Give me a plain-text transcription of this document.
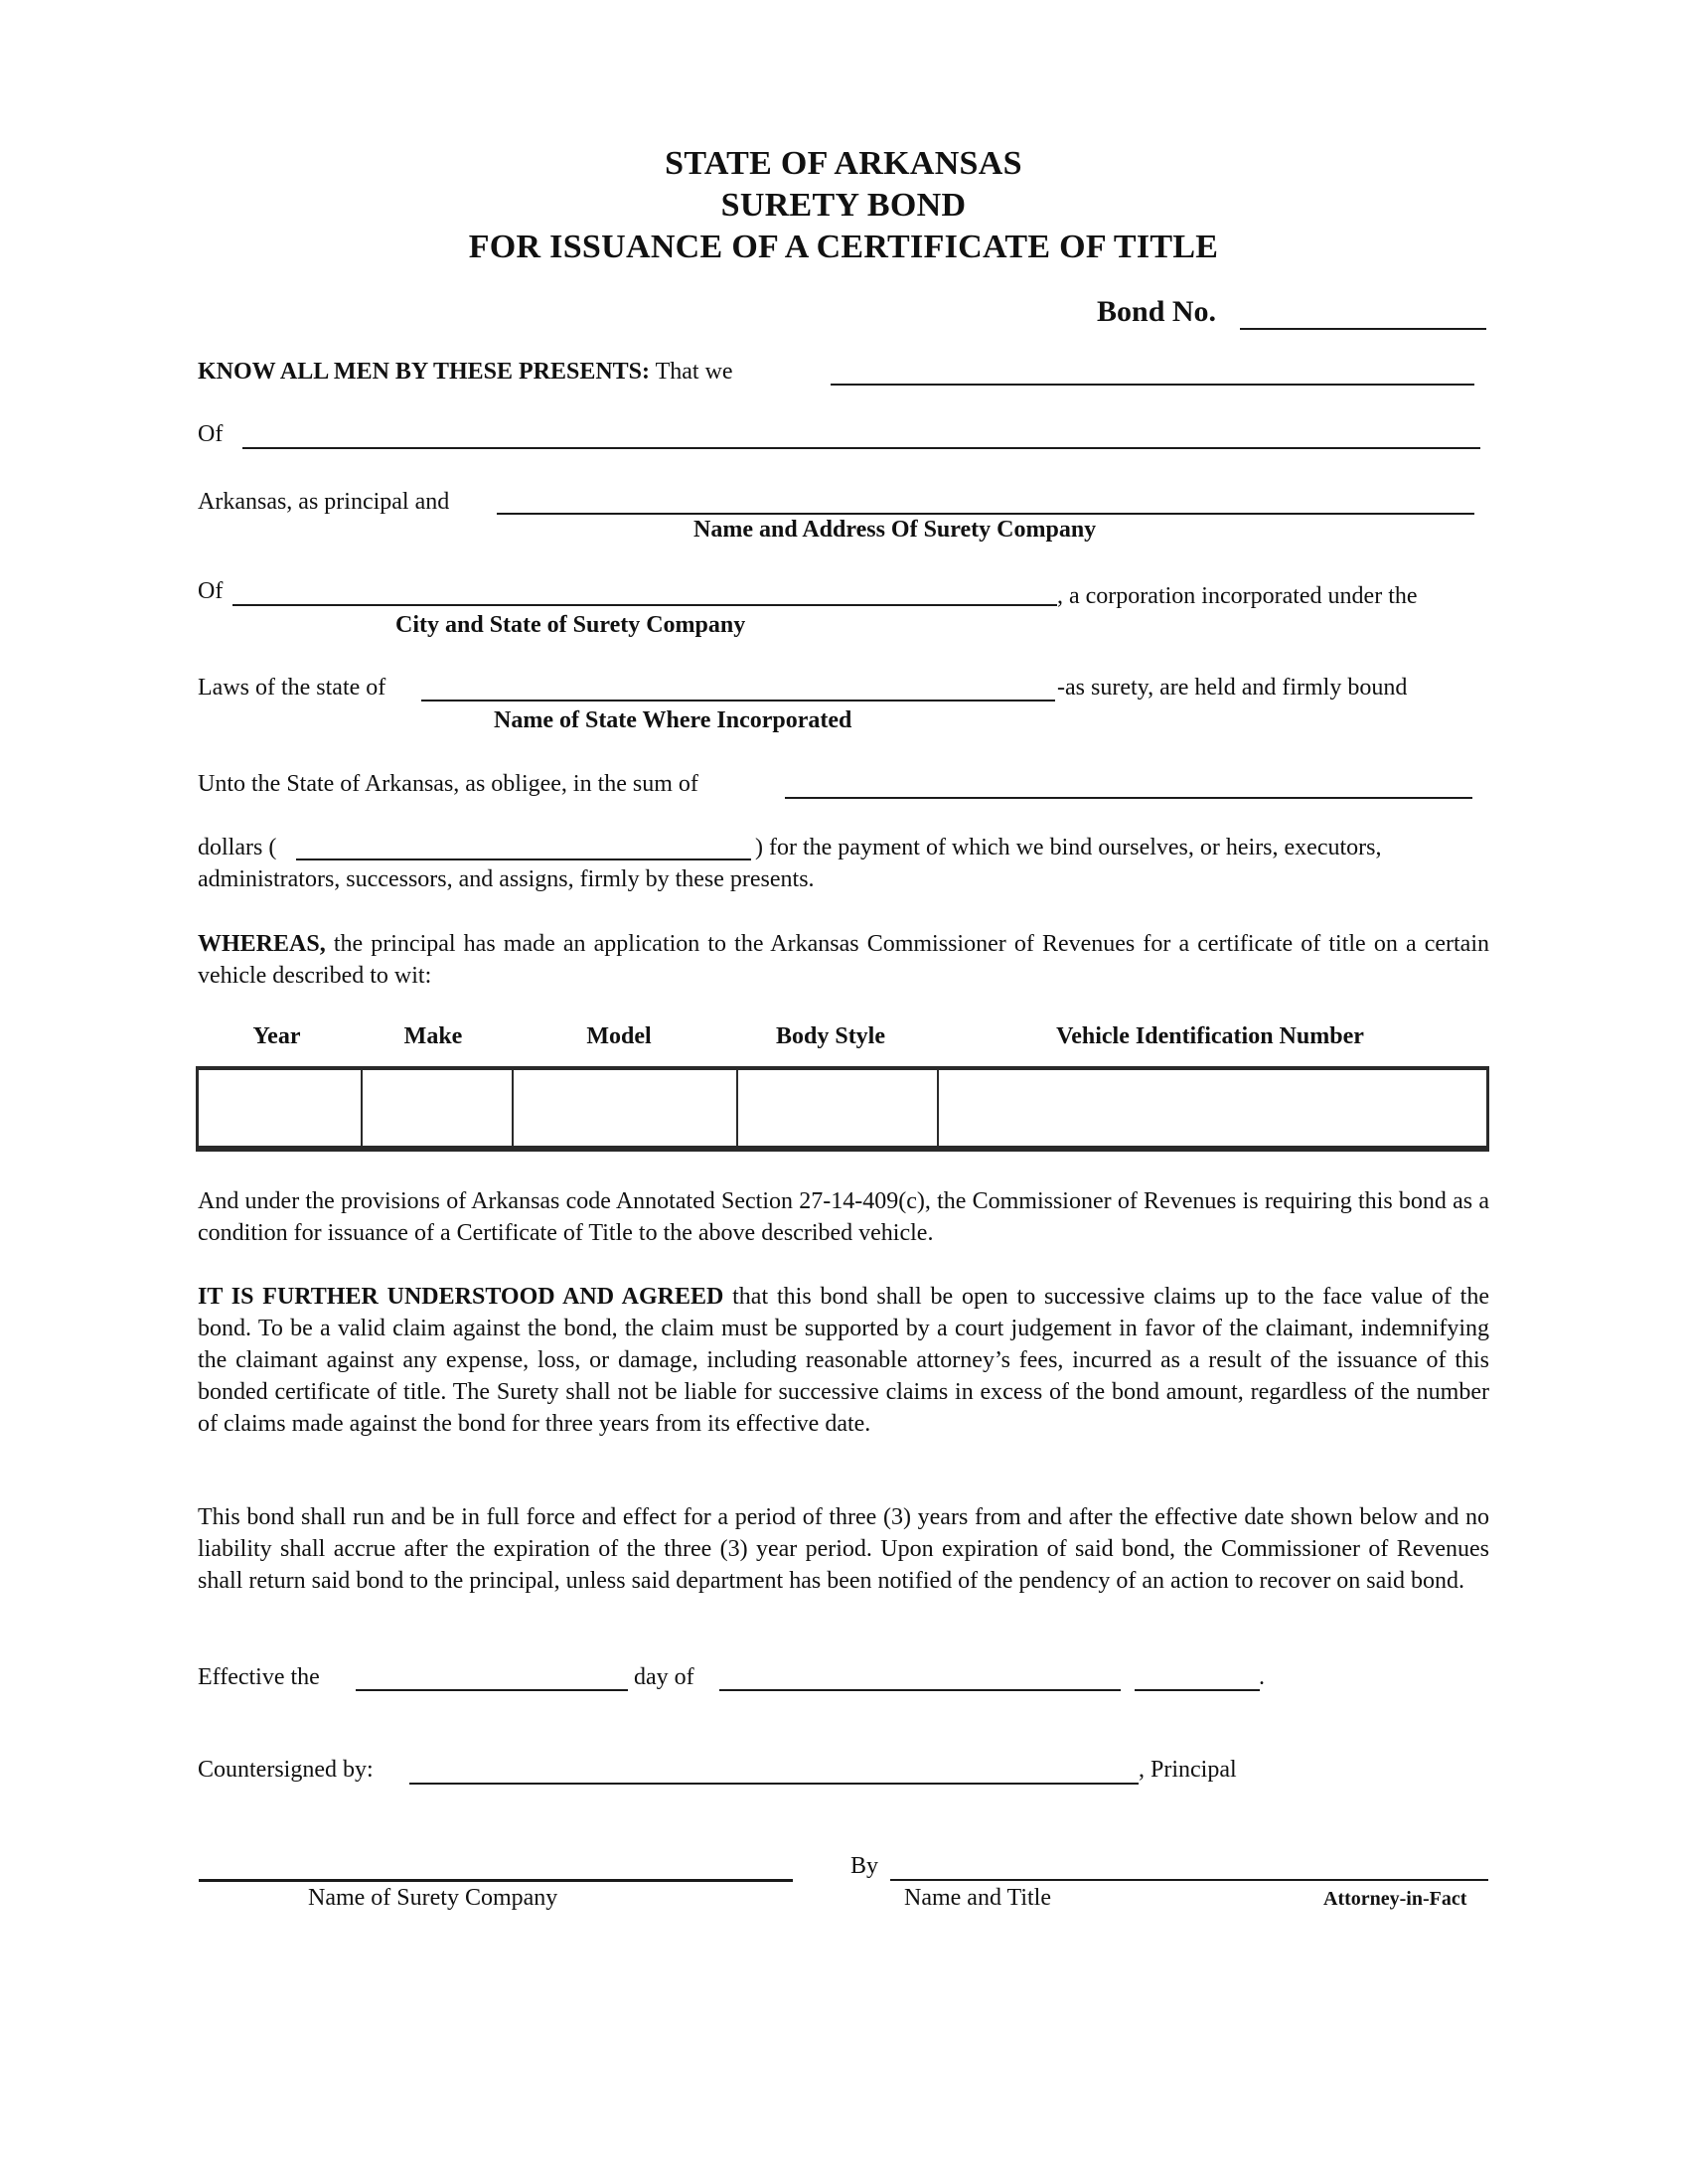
STATE OF ARKANSAS
SURETY BOND
FOR ISSUANCE OF A CERTIFICATE OF TITLE
Bond No.
KNOW ALL MEN BY THESE PRESENTS: That we
Of
Arkansas, as principal and
Name and Address Of Surety Company
Of	, a corporation incorporated under the
City and State of Surety Company
Laws of the state of	-as surety, are held and firmly bound
Name of State Where Incorporated
Unto the State of Arkansas, as obligee, in the sum of
dollars (	) for the payment of which we bind ourselves, or heirs, executors,
administrators, successors, and assigns, firmly by these presents.
WHEREAS, the principal has made an application to the Arkansas Commissioner of Revenues for a certificate of title on a certain vehicle described to wit:
Year	Make	Model	Body Style	Vehicle Identification Number

And under the provisions of Arkansas code Annotated Section 27-14-409(c), the Commissioner of Revenues is requiring this bond as a condition for issuance of a Certificate of Title to the above described vehicle.
IT IS FURTHER UNDERSTOOD AND AGREED that this bond shall be open to successive claims up to the face value of the bond. To be a valid claim against the bond, the claim must be supported by a court judgement in favor of the claimant, indemnifying the claimant against any expense, loss, or damage, including reasonable attorney’s fees, incurred as a result of the issuance of this bonded certificate of title. The Surety shall not be liable for successive claims in excess of the bond amount, regardless of the number of claims made against the bond for three years from its effective date.
This bond shall run and be in full force and effect for a period of three (3) years from and after the effective date shown below and no liability shall accrue after the expiration of the three (3) year period. Upon expiration of said bond, the Commissioner of Revenues shall return said bond to the principal, unless said department has been notified of the pendency of an action to recover on said bond.
Effective the	day of	.
Countersigned by:	, Principal
By
Name of Surety Company	Name and Title	Attorney-in-Fact
